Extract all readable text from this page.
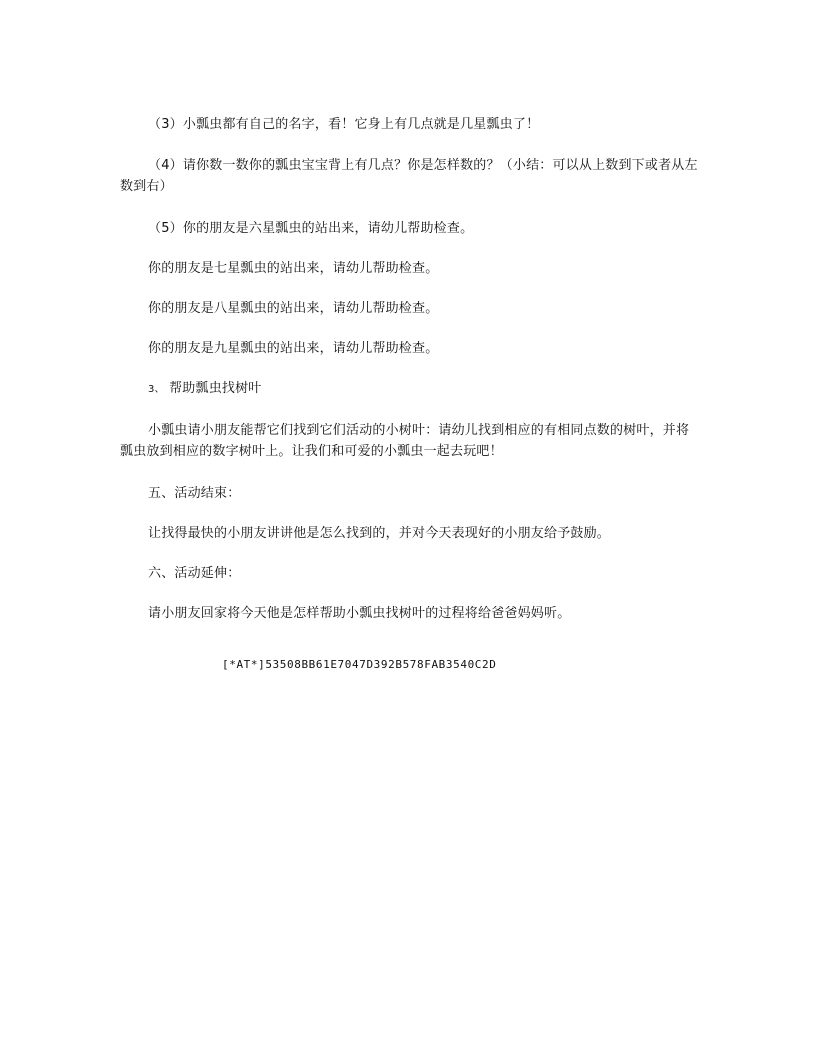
（3）小瓢虫都有自己的名字，看！它身上有几点就是几星瓢虫了！
（4）请你数一数你的瓢虫宝宝背上有几点？你是怎样数的？（小结：可以从上数到下或者从左数到右）
（5）你的朋友是六星瓢虫的站出来，请幼儿帮助检查。
你的朋友是七星瓢虫的站出来，请幼儿帮助检查。
你的朋友是八星瓢虫的站出来，请幼儿帮助检查。
你的朋友是九星瓢虫的站出来，请幼儿帮助检查。
3、 帮助瓢虫找树叶
小瓢虫请小朋友能帮它们找到它们活动的小树叶：请幼儿找到相应的有相同点数的树叶，并将瓢虫放到相应的数字树叶上。让我们和可爱的小瓢虫一起去玩吧！
五、活动结束：
让找得最快的小朋友讲讲他是怎么找到的，并对今天表现好的小朋友给予鼓励。
六、活动延伸：
请小朋友回家将今天他是怎样帮助小瓢虫找树叶的过程将给爸爸妈妈听。
[*AT*]53508BB61E7047D392B578FAB3540C2D
